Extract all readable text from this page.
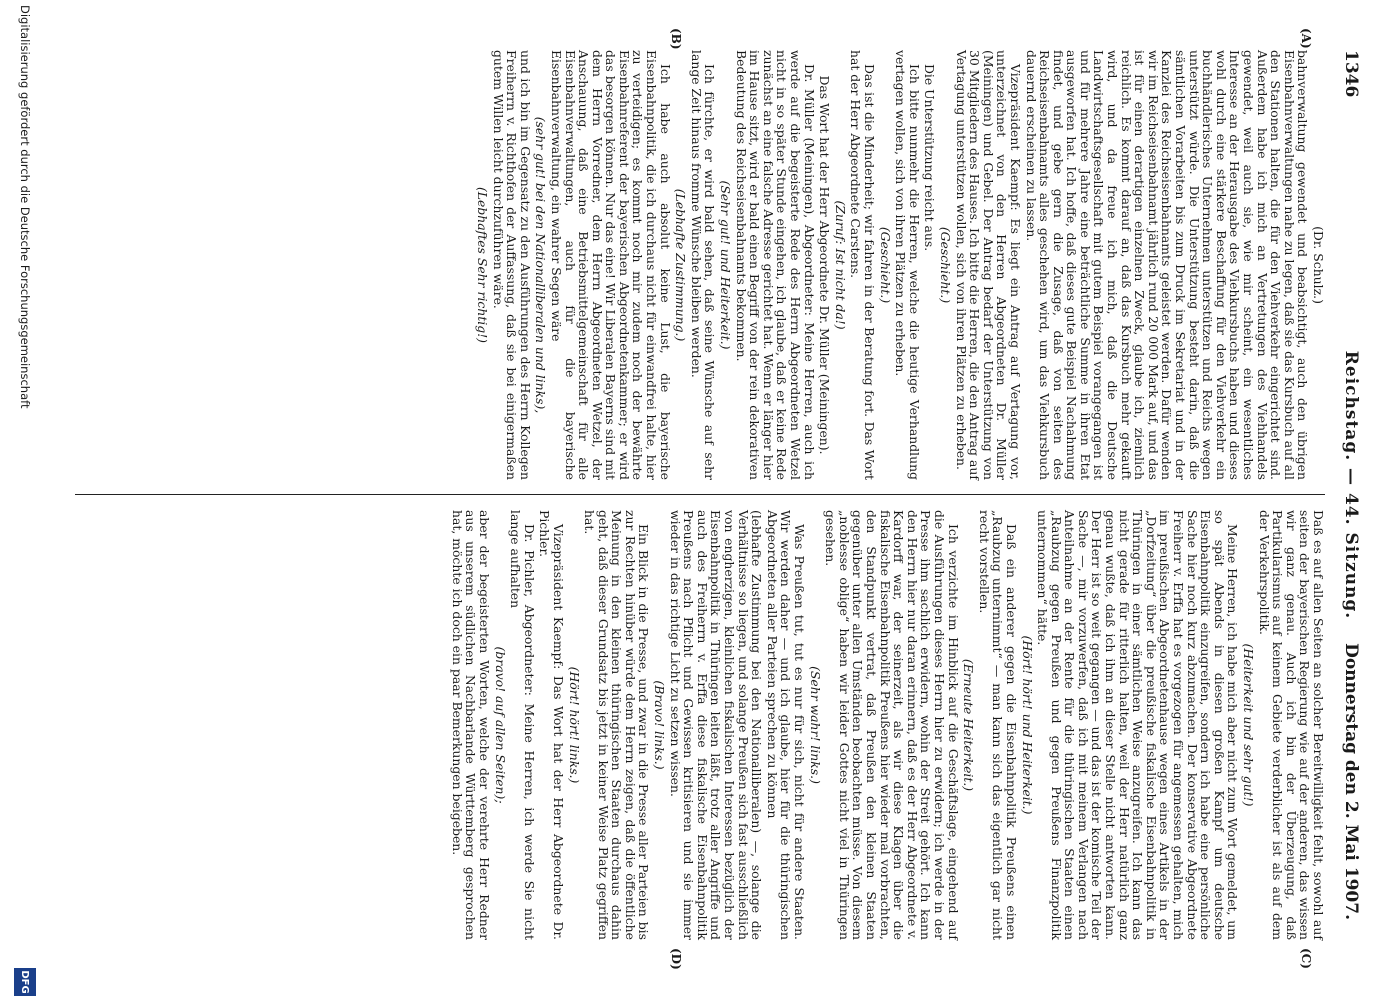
1346
Reichstag. — 44. Sitzung.
Donnerstag den 2. Mai 1907.
(A)
(B)
(C)
(D)

(Dr. Schulz.)

bahnverwaltung gewendet und beabsichtigt, auch den übrigen Eisenbahnverwaltungen nahe zu legen, daß sie das Kursbuch auf all den Stationen halten, die für den Viehverkehr eingerichtet sind. Außerdem habe ich mich an Vertretungen des Viehhandels gewendet, weil auch sie, wie mir scheint, ein wesentliches Interesse an der Herausgabe des Viehkursbuchs haben und dieses wohl durch eine stärkere Beschaffung für den Viehverkehr ein buchhändlerisches Unternehmen unterstützen und Reichs wegen unterstützt würde. Die Unterstützung besteht darin, daß die sämtlichen Vorarbeiten bis zum Druck im Sekretariat und in der Kanzlei des Reichseisenbahnamts geleistet werden. Dafür wenden wir im Reichseisenbahnamt jährlich rund 20 000 Mark auf, und das ist für einen derartigen einzelnen Zweck, glaube ich, ziemlich reichlich. Es kommt darauf an, daß das Kursbuch mehr gekauft wird, und da freue ich mich, daß die Deutsche Landwirtschaftsgesellschaft mit gutem Beispiel vorangegangen ist und für mehrere Jahre eine beträchtliche Summe in ihren Etat ausgeworfen hat. Ich hoffe, daß dieses gute Beispiel Nachahmung findet, und gebe gern die Zusage, daß von seiten des Reichseisenbahnamts alles geschehen wird, um das Viehkursbuch dauernd erscheinen zu lassen.

Vizepräsident Kaempf: Es liegt ein Antrag auf Vertagung vor, unterzeichnet von den Herren Abgeordneten Dr. Müller (Meiningen) und Gebel. Der Antrag bedarf der Unterstützung von 30 Mitgliedern des Hauses. Ich bitte die Herren, die den Antrag auf Vertagung unterstützen wollen, sich von ihren Plätzen zu erheben.

(Geschieht.)

Die Unterstützung reicht aus.

Ich bitte nunmehr die Herren, welche die heutige Verhandlung vertagen wollen, sich von ihren Plätzen zu erheben.

(Geschieht.)

Das ist die Minderheit; wir fahren in der Beratung fort. Das Wort hat der Herr Abgeordnete Carstens.

(Zuruf: Ist nicht da!)

Das Wort hat der Herr Abgeordnete Dr. Müller (Meiningen).

Dr. Müller (Meiningen), Abgeordneter: Meine Herren, auch ich werde auf die begeisterte Rede des Herrn Abgeordneten Wetzel nicht in so später Stunde eingehen, ich glaube, daß er keine Rede zunächst an eine falsche Adresse gerichtet hat. Wenn er länger hier im Hause sitzt, wird er bald einen Begriff von der rein dekorativen Bedeutung des Reichseisenbahnamts bekommen.

(Sehr gut! und Heiterkeit.)

Ich fürchte, er wird bald sehen, daß seine Wünsche auf sehr lange Zeit hinaus fromme Wünsche bleiben werden.

(Lebhafte Zustimmung.)

Ich habe auch absolut keine Lust, die bayerische Eisenbahnpolitik, die ich durchaus nicht für einwandfrei halte, hier zu verteidigen; es kommt noch mir zudem noch der bewährte Eisenbahnreferent der bayerischen Abgeordnetenkammer; er wird das besorgen können. Nur das eine! Wir Liberalen Bayerns sind mit dem Herrn Vorredner, dem Herrn Abgeordneten Wetzel, der Anschauung, daß eine Betriebsmittelgemeinschaft für alle Eisenbahnverwaltungen, auch für die bayerische Eisenbahnverwaltung, ein wahrer Segen wäre

(sehr gut! bei den Nationalliberalen und links),

und ich bin im Gegensatz zu den Ausführungen des Herrn Kollegen Freiherrn v. Richthofen der Auffassung, daß sie bei einigermaßen gutem Willen leicht durchzuführen wäre.

(Lebhaftes Sehr richtig!)

Daß es auf allen Seiten an solcher Bereitwilligkeit fehlt, sowohl auf seiten der bayerischen Regierung wie auf der anderen, das wissen wir ganz genau. Auch ich bin der Überzeugung, daß Partikularismus auf keinem Gebiete verderblicher ist als auf dem der Verkehrspolitik.

(Heiterkeit und sehr gut!)

Meine Herren, ich habe mich aber nicht zum Wort gemeldet, um so spät Abends in diesen großen Kampf um deutsche Eisenbahnpolitik einzugreifen, sondern ich habe eine persönliche Sache hier noch kurz abzumachen. Der konservative Abgeordnete Freiherr v. Erffa hat es vorgezogen für angemessen gehalten, mich im preußischen Abgeordnetenhause wegen eines Artikels in der „Dorfzeitung“ über die preußische fiskalische Eisenbahnpolitik in Thüringen in einer sämtlichen Weise anzugreifen. Ich kann das nicht gerade für ritterlich halten, weil der Herr natürlich ganz genau wußte, daß ich ihm an dieser Stelle nicht antworten kann. Der Herr ist so weit gegangen — und das ist der komische Teil der Sache —, mir vorzuwerfen, daß ich mit meinem Verlangen nach Anteilnahme an der Rente für die thüringischen Staaten einen „Raubzug gegen Preußen und gegen Preußens Finanzpolitik unternommen“ hätte.

(Hört! hört! und Heiterkeit.)

Daß ein anderer gegen die Eisenbahnpolitik Preußens einen „Raubzug unternimmt“ — man kann sich das eigentlich gar nicht recht vorstellen.

(Erneute Heiterkeit.)

Ich verzichte im Hinblick auf die Geschäftslage, eingehend auf die Ausführungen dieses Herrn hier zu erwidern; ich werde in der Presse ihm sachlich erwidern, wohin der Streit gehört. Ich kann den Herrn hier nur daran erinnern, daß es der Herr Abgeordnete v. Kardorff war, der seinerzeit, als wir diese Klagen über die fiskalische Eisenbahnpolitik Preußens hier wieder mal vorbrachten, den Standpunkt vertrat, daß Preußen den kleinen Staaten gegenüber unter allen Umständen beobachten müsse. Von diesem „noblesse oblige“ haben wir leider Gottes nicht viel in Thüringen gesehen.

(Sehr wahr! links.)

Was Preußen tut, tut es nur für sich, nicht für andere Staaten. Wir werden daher — und ich glaube, hier für die thüringischen Abgeordneten aller Parteien sprechen zu können

(lebhafte Zustimmung bei den Nationalliberalen) —, solange die Verhältnisse so liegen, und solange Preußen sich fast ausschließlich von engherzigen, kleinlichen fiskalischen Interessen bezüglich der Eisenbahnpolitik in Thüringen leiten läßt, trotz aller Angriffe und auch des Freiherrn v. Erffa diese fiskalische Eisenbahnpolitik Preußens nach Pflicht und Gewissen kritisieren und sie immer wieder in das richtige Licht zu setzen wissen.

(Bravo! links.)

Ein Blick in die Presse, und zwar in die Presse aller Parteien bis zur Rechten hinüber würde dem Herrn zeigen, daß die öffentliche Meinung in den kleinen thüringischen Staaten durchaus dahin geht, daß dieser Grundsatz bis jetzt in keiner Weise Platz gegriffen hat.

(Hört! hört! links.)

Vizepräsident Kaempf: Das Wort hat der Herr Abgeordnete Dr. Pichler.

Dr. Pichler, Abgeordneter: Meine Herren, ich werde Sie nicht lange aufhalten

(bravo! auf allen Seiten);

aber der begeisterten Worten, welche der verehrte Herr Redner aus unserem südlichen Nachbarlande Württemberg gesprochen hat, möchte ich doch ein paar Bemerkungen beigeben.

Digitalisierung gefördert durch die Deutsche Forschungsgemeinschaft
DFG
